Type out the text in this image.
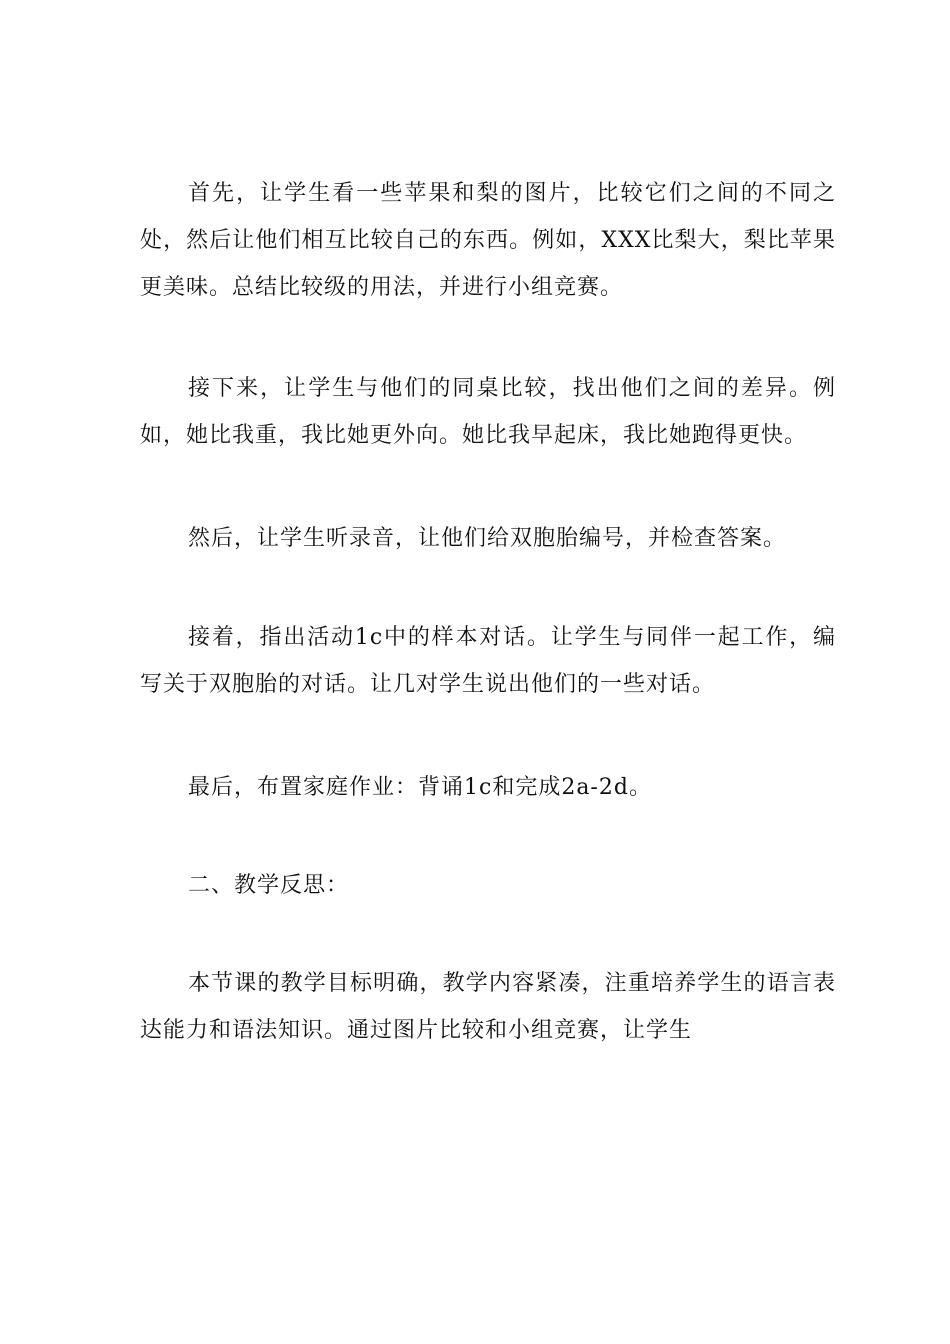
首先，让学生看一些苹果和梨的图片，比较它们之间的不同之处，然后让他们相互比较自己的东西。例如，XXX比梨大，梨比苹果更美味。总结比较级的用法，并进行小组竞赛。

接下来，让学生与他们的同桌比较，找出他们之间的差异。例如，她比我重，我比她更外向。她比我早起床，我比她跑得更快。

然后，让学生听录音，让他们给双胞胎编号，并检查答案。

接着，指出活动1c中的样本对话。让学生与同伴一起工作，编写关于双胞胎的对话。让几对学生说出他们的一些对话。

最后，布置家庭作业：背诵1c和完成2a-2d。

二、教学反思：

本节课的教学目标明确，教学内容紧凑，注重培养学生的语言表达能力和语法知识。通过图片比较和小组竞赛，让学生
